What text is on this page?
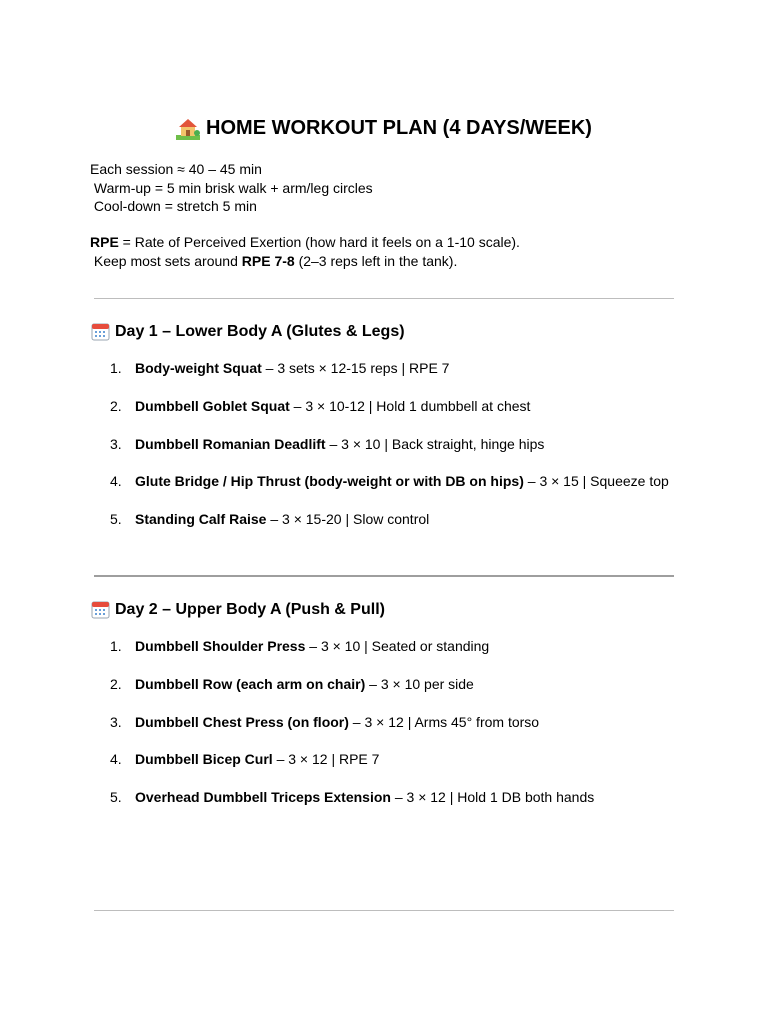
HOME WORKOUT PLAN (4 DAYS/WEEK)
Each session ≈ 40 – 45 min
Warm-up = 5 min brisk walk + arm/leg circles
Cool-down = stretch 5 min
RPE = Rate of Perceived Exertion (how hard it feels on a 1-10 scale).
Keep most sets around RPE 7-8 (2–3 reps left in the tank).
Day 1 – Lower Body A (Glutes & Legs)
1. Body-weight Squat – 3 sets × 12-15 reps | RPE 7
2. Dumbbell Goblet Squat – 3 × 10-12 | Hold 1 dumbbell at chest
3. Dumbbell Romanian Deadlift – 3 × 10 | Back straight, hinge hips
4. Glute Bridge / Hip Thrust (body-weight or with DB on hips) – 3 × 15 | Squeeze top
5. Standing Calf Raise – 3 × 15-20 | Slow control
Day 2 – Upper Body A (Push & Pull)
1. Dumbbell Shoulder Press – 3 × 10 | Seated or standing
2. Dumbbell Row (each arm on chair) – 3 × 10 per side
3. Dumbbell Chest Press (on floor) – 3 × 12 | Arms 45° from torso
4. Dumbbell Bicep Curl – 3 × 12 | RPE 7
5. Overhead Dumbbell Triceps Extension – 3 × 12 | Hold 1 DB both hands
